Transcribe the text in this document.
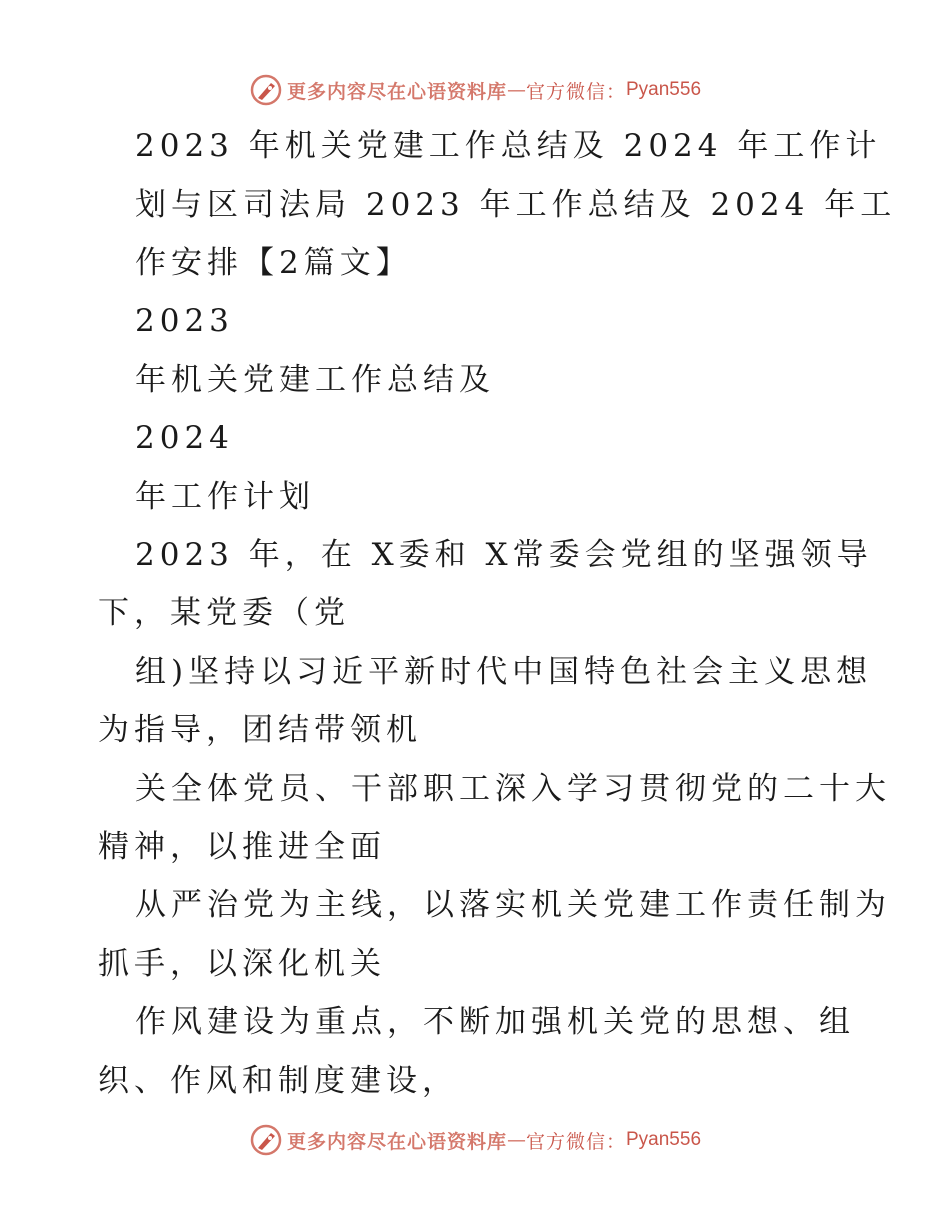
更多内容尽在心语资料库 — 官方微信： Pyan556
2023 年机关党建工作总结及 2024 年工作计
划与区司法局 2023 年工作总结及 2024 年工
作安排【2篇文】
2023
年机关党建工作总结及
2024
年工作计划
2023 年，在 X委和 X常委会党组的坚强领导
下，某党委（党
组)坚持以习近平新时代中国特色社会主义思想
为指导，团结带领机
关全体党员、干部职工深入学习贯彻党的二十大
精神，以推进全面
从严治党为主线，以落实机关党建工作责任制为
抓手，以深化机关
作风建设为重点，不断加强机关党的思想、组
织、作风和制度建设，
更多内容尽在心语资料库 — 官方微信： Pyan556
